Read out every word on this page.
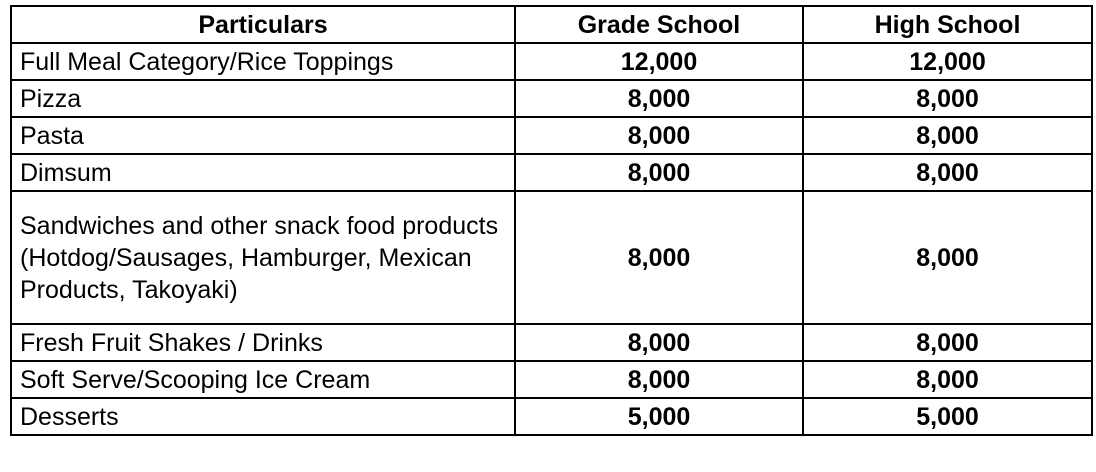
Particulars	Grade School	High School
Full Meal Category/Rice Toppings	12,000	12,000
Pizza	8,000	8,000
Pasta	8,000	8,000
Dimsum	8,000	8,000
Sandwiches and other snack food products (Hotdog/Sausages, Hamburger, Mexican Products, Takoyaki)	8,000	8,000
Fresh Fruit Shakes / Drinks	8,000	8,000
Soft Serve/Scooping Ice Cream	8,000	8,000
Desserts	5,000	5,000
